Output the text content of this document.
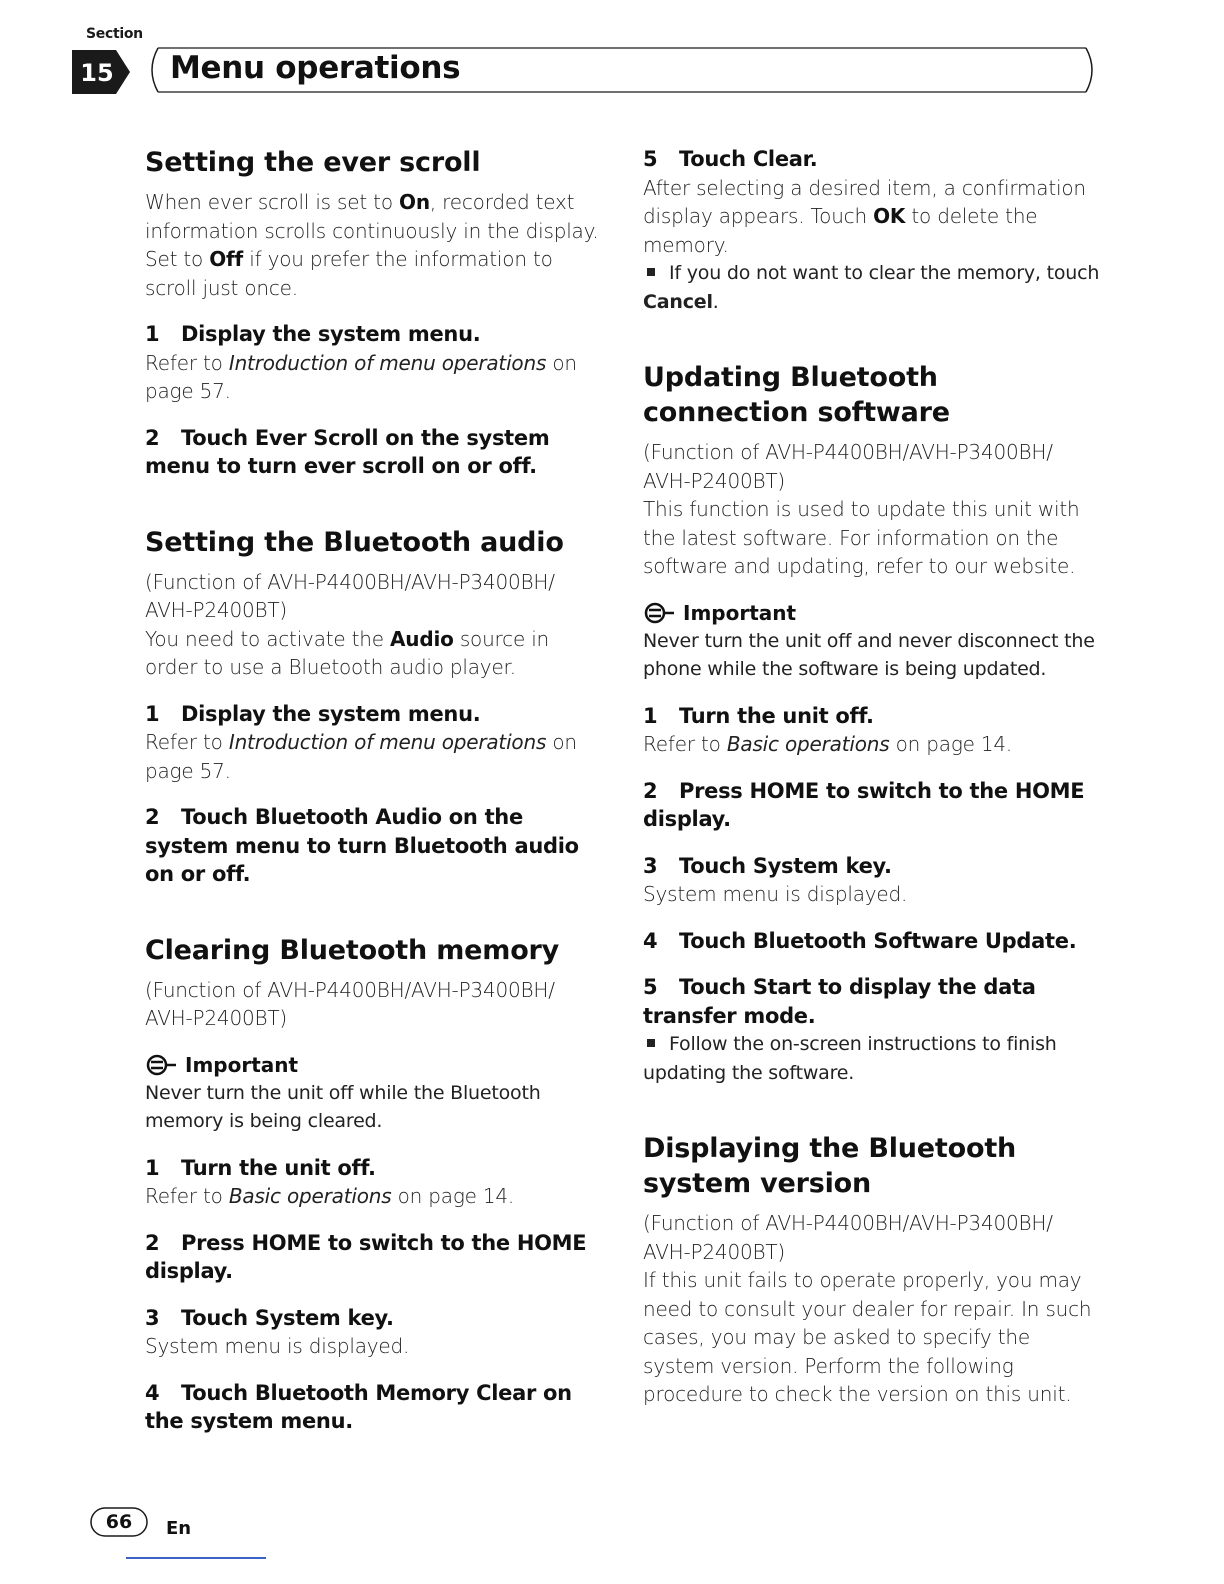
Section
15 Menu operations
Setting the ever scroll

When ever scroll is set to On, recorded text information scrolls continuously in the display. Set to Off if you prefer the information to scroll just once.

1 Display the system menu.

Refer to Introduction of menu operations on page 57.

2 Touch Ever Scroll on the system menu to turn ever scroll on or off.

Setting the Bluetooth audio

(Function of AVH-P4400BH/AVH-P3400BH/ AVH-P2400BT)

You need to activate the Audio source in order to use a Bluetooth audio player.

1 Display the system menu.

Refer to Introduction of menu operations on page 57.

2 Touch Bluetooth Audio on the system menu to turn Bluetooth audio on or off.

Clearing Bluetooth memory

(Function of AVH-P4400BH/AVH-P3400BH/ AVH-P2400BT)

Important

Never turn the unit off while the Bluetooth memory is being cleared.

1 Turn the unit off.

Refer to Basic operations on page 14.

2 Press HOME to switch to the HOME display.

3 Touch System key.

System menu is displayed.

4 Touch Bluetooth Memory Clear on the system menu.

5 Touch Clear.

After selecting a desired item, a confirmation display appears. Touch OK to delete the memory.

If you do not want to clear the memory, touch Cancel.

Updating Bluetooth connection software

(Function of AVH-P4400BH/AVH-P3400BH/ AVH-P2400BT)

This function is used to update this unit with the latest software. For information on the software and updating, refer to our website.

Important

Never turn the unit off and never disconnect the phone while the software is being updated.

1 Turn the unit off.

Refer to Basic operations on page 14.

2 Press HOME to switch to the HOME display.

3 Touch System key.

System menu is displayed.

4 Touch Bluetooth Software Update.

5 Touch Start to display the data transfer mode.

Follow the on-screen instructions to finish updating the software.

Displaying the Bluetooth system version

(Function of AVH-P4400BH/AVH-P3400BH/ AVH-P2400BT)

If this unit fails to operate properly, you may need to consult your dealer for repair. In such cases, you may be asked to specify the system version. Perform the following procedure to check the version on this unit.

66	En
